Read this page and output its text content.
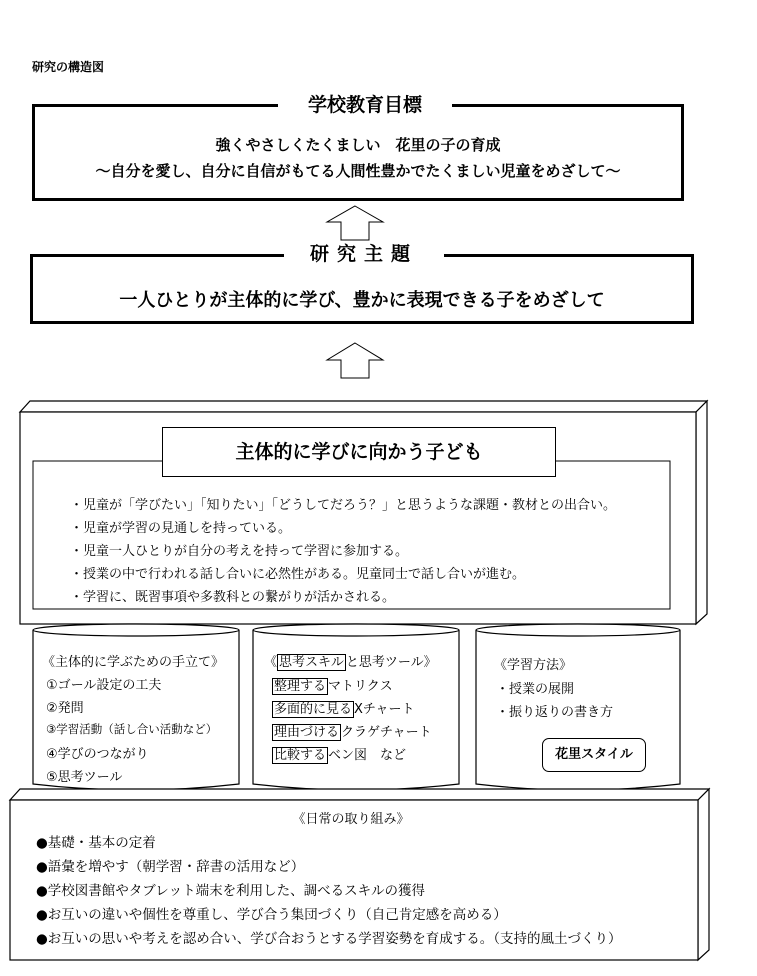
研究の構造図
学校教育目標
強くやさしくたくましい　花里の子の育成
～自分を愛し、自分に自信がもてる人間性豊かでたくましい児童をめざして～
研究主題
一人ひとりが主体的に学び、豊かに表現できる子をめざして
主体的に学びに向かう子ども
・児童が「学びたい」「知りたい」「どうしてだろう？」と思うような課題・教材との出合い。
・児童が学習の見通しを持っている。
・児童一人ひとりが自分の考えを持って学習に参加する。
・授業の中で行われる話し合いに必然性がある。児童同士で話し合いが進む。
・学習に、既習事項や多教科との繋がりが活かされる。
《主体的に学ぶための手立て》
①ゴール設定の工夫
②発問
③学習活動（話し合い活動など）
④学びのつながり
⑤思考ツール
《 思考スキル と思考ツール》
整理する マトリクス
多面的に見る Xチャート
理由づける クラゲチャート
比較する ベン図　など
《学習方法》
・授業の展開
・振り返りの書き方
花里スタイル
《日常の取り組み》
●基礎・基本の定着
●語彙を増やす（朝学習・辞書の活用など）
●学校図書館やタブレット端末を利用した、調べるスキルの獲得
●お互いの違いや個性を尊重し、学び合う集団づくり（自己肯定感を高める）
●お互いの思いや考えを認め合い、学び合おうとする学習姿勢を育成する。（支持的風土づくり）
